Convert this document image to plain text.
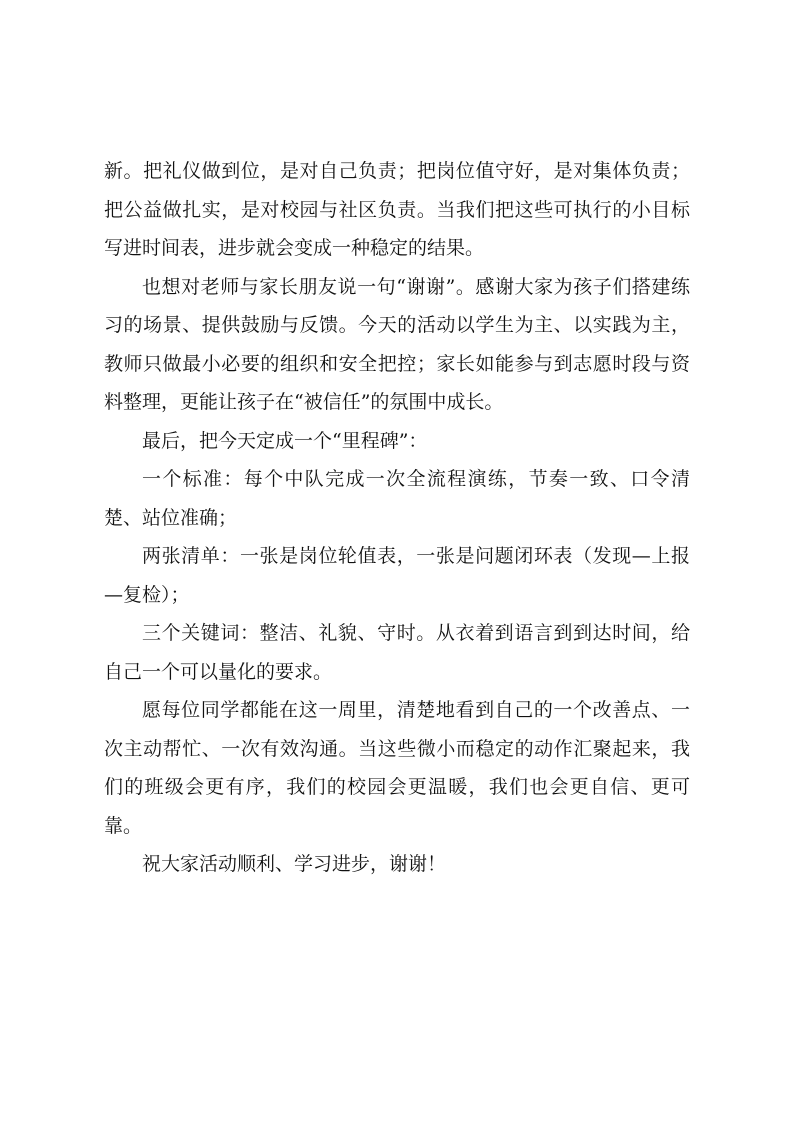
新。把礼仪做到位，是对自己负责；把岗位值守好，是对集体负责；把公益做扎实，是对校园与社区负责。当我们把这些可执行的小目标写进时间表，进步就会变成一种稳定的结果。

也想对老师与家长朋友说一句“谢谢”。感谢大家为孩子们搭建练习的场景、提供鼓励与反馈。今天的活动以学生为主、以实践为主，教师只做最小必要的组织和安全把控；家长如能参与到志愿时段与资料整理，更能让孩子在“被信任”的氛围中成长。

最后，把今天定成一个“里程碑”：

一个标准：每个中队完成一次全流程演练，节奏一致、口令清楚、站位准确；

两张清单：一张是岗位轮值表，一张是问题闭环表（发现—上报—复检）；

三个关键词：整洁、礼貌、守时。从衣着到语言到到达时间，给自己一个可以量化的要求。

愿每位同学都能在这一周里，清楚地看到自己的一个改善点、一次主动帮忙、一次有效沟通。当这些微小而稳定的动作汇聚起来，我们的班级会更有序，我们的校园会更温暖，我们也会更自信、更可靠。

祝大家活动顺利、学习进步，谢谢！
